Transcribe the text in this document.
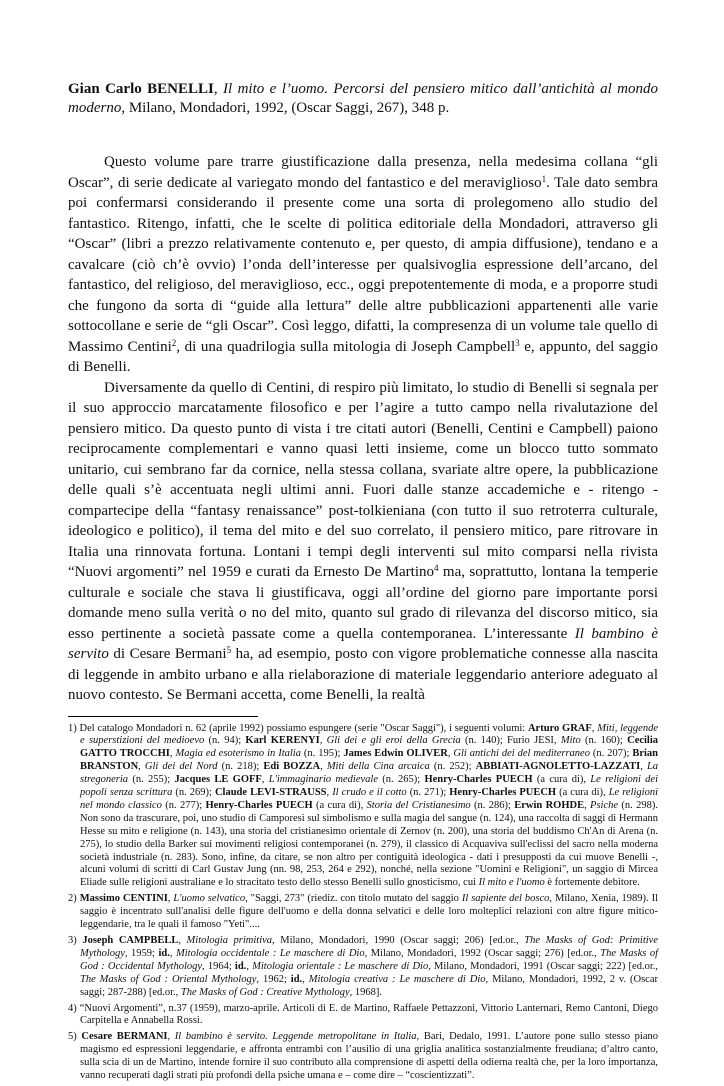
Gian Carlo BENELLI, Il mito e l’uomo. Percorsi del pensiero mitico dall’antichità al mondo moderno, Milano, Mondadori, 1992, (Oscar Saggi, 267), 348 p.

Questo volume pare trarre giustificazione dalla presenza, nella medesima collana “gli Oscar”, di serie dedicate al variegato mondo del fantastico e del meraviglioso$^1$. Tale dato sembra poi confermarsi considerando il presente come una sorta di prolegomeno allo studio del fantastico. Ritengo, infatti, che le scelte di politica editoriale della Mondadori, attraverso gli “Oscar” (libri a prezzo relativamente contenuto e, per questo, di ampia diffusione), tendano e a cavalcare (ciò ch’è ovvio) l’onda dell’interesse per qualsivoglia espressione dell’arcano, del fantastico, del religioso, del meraviglioso, ecc., oggi prepotentemente di moda, e a proporre studi che fungono da sorta di “guide alla lettura” delle altre pubblicazioni appartenenti alle varie sottocollane e serie de “gli Oscar”. Così leggo, difatti, la compresenza di un volume tale quello di Massimo Centini$^2$, di una quadrilogia sulla mitologia di Joseph Campbell$^3$ e, appunto, del saggio di Benelli.

Diversamente da quello di Centini, di respiro più limitato, lo studio di Benelli si segnala per il suo approccio marcatamente filosofico e per l’agire a tutto campo nella rivalutazione del pensiero mitico. Da questo punto di vista i tre citati autori (Benelli, Centini e Campbell) paiono reciprocamente complementari e vanno quasi letti insieme, come un blocco tutto sommato unitario, cui sembrano far da cornice, nella stessa collana, svariate altre opere, la pubblicazione delle quali s’è accentuata negli ultimi anni. Fuori dalle stanze accademiche e - ritengo - compartecipe della “fantasy renaissance” post-tolkieniana (con tutto il suo retroterra culturale, ideologico e politico), il tema del mito e del suo correlato, il pensiero mitico, pare ritrovare in Italia una rinnovata fortuna. Lontani i tempi degli interventi sul mito comparsi nella rivista “Nuovi argomenti” nel 1959 e curati da Ernesto De Martino$^4$ ma, soprattutto, lontana la temperie culturale e sociale che stava li giustificava, oggi all’ordine del giorno pare importante porsi domande meno sulla verità o no del mito, quanto sul grado di rilevanza del discorso mitico, sia esso pertinente a società passate come a quella contemporanea. L’interessante Il bambino è servito di Cesare Bermani$^5$ ha, ad esempio, posto con vigore problematiche connesse alla nascita di leggende in ambito urbano e alla rielaborazione di materiale leggendario anteriore adeguato al nuovo contesto. Se Bermani accetta, come Benelli, la realtà

1) Del catalogo Mondadori n. 62 (aprile 1992) possiamo espungere (serie "Oscar Saggi"), i seguenti volumi: Arturo GRAF, Miti, leggende e superstizioni del medioevo (n. 94); Karl KERENYI, Gli dei e gli eroi della Grecia (n. 140); Furio JESI, Mito (n. 160); Cecilia GATTO TROCCHI, Magia ed esoterismo in Italia (n. 195); James Edwin OLIVER, Gli antichi dei del mediterraneo (n. 207); Brian BRANSTON, Gli dei del Nord (n. 218); Edi BOZZA, Miti della Cina arcaica (n. 252); ABBIATI-AGNOLETTO-LAZZATI, La stregoneria (n. 255); Jacques LE GOFF, L'immaginario medievale (n. 265); Henry-Charles PUECH (a cura di), Le religioni dei popoli senza scrittura (n. 269); Claude LEVI-STRAUSS, Il crudo e il cotto (n. 271); Henry-Charles PUECH (a cura di), Le religioni nel mondo classico (n. 277); Henry-Charles PUECH (a cura di), Storia del Cristianesimo (n. 286); Erwin ROHDE, Psiche (n. 298). Non sono da trascurare, poi, uno studio di Camporesi sul simbolismo e sulla magia del sangue (n. 124), una raccolta di saggi di Hermann Hesse su mito e religione (n. 143), una storia del cristianesimo orientale di Zernov (n. 200), una storia del buddismo Ch'An di Arena (n. 275), lo studio della Barker sui movimenti religiosi contemporanei (n. 279), il classico di Acquaviva sull'eclissi del sacro nella moderna società industriale (n. 283). Sono, infine, da citare, se non altro per contiguità ideologica - dati i presupposti da cui muove Benelli -, alcuni volumi di scritti di Carl Gustav Jung (nn. 98, 253, 264 e 292), nonché, nella sezione "Uomini e Religioni", un saggio di Mircea Eliade sulle religioni australiane e lo stracitato testo dello stesso Benelli sullo gnosticismo, cui Il mito e l'uomo è fortemente debitore.

2) Massimo CENTINI, L'uomo selvatico, "Saggi, 273" (riediz. con titolo mutato del saggio Il sapiente del bosco, Milano, Xenia, 1989). Il saggio è incentrato sull'analisi delle figure dell'uomo e della donna selvatici e delle loro molteplici relazioni con altre figure mitico-leggendarie, tra le quali il famoso "Yeti"....

3) Joseph CAMPBELL, Mitologia primitiva, Milano, Mondadori, 1990 (Oscar saggi; 206) [ed.or., The Masks of God: Primitive Mythology, 1959; id., Mitologia occidentale : Le maschere di Dio, Milano, Mondadori, 1992 (Oscar saggi; 276) [ed.or., The Masks of God : Occidental Mythology, 1964; id., Mitologia orientale : Le maschere di Dio, Milano, Mondadori, 1991 (Oscar saggi; 222) [ed.or., The Masks of God : Oriental Mythology, 1962; id., Mitologia creativa : Le maschere di Dio, Milano, Mondadori, 1992, 2 v. (Oscar saggi; 287-288) [ed.or., The Masks of God : Creative Mythology, 1968].

4) “Nuovi Argomenti”, n.37 (1959), marzo-aprile. Articoli di E. de Martino, Raffaele Pettazzoni, Vittorio Lanternari, Remo Cantoni, Diego Carpitella e Annabella Rossi.

5) Cesare BERMANI, Il bambino è servito. Leggende metropolitane in Italia, Bari, Dedalo, 1991. L’autore pone sullo stesso piano magismo ed espressioni leggendarie, e affronta entrambi con l’ausilio di una griglia analitica sostanzialmente freudiana; d’altro canto, sulla scia di un de Martino, intende fornire il suo contributo alla comprensione di aspetti della odierna realtà che, per la loro importanza, vanno recuperati dagli strati più profondi della psiche umana e – come dire – “coscientizzati”.
